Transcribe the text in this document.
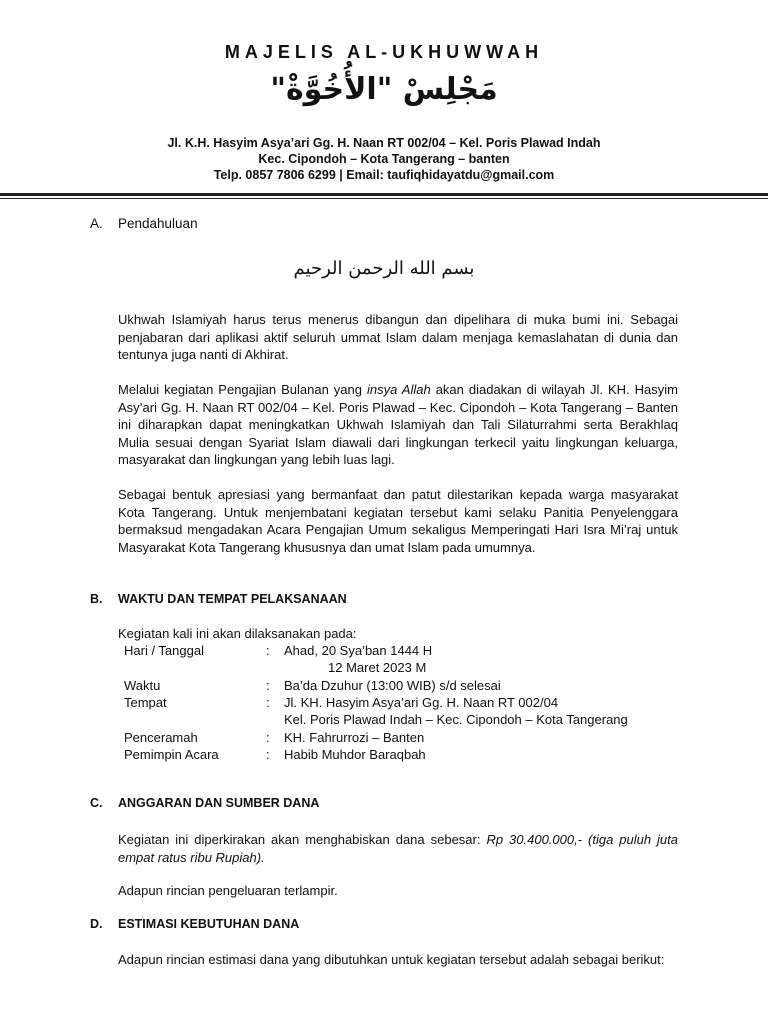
MAJELIS AL-UKHUWWAH
مَجْلِسْ "الأُخُوَّةْ"
Jl. K.H. Hasyim Asya’ari Gg. H. Naan RT 002/04 – Kel. Poris Plawad Indah
Kec. Cipondoh – Kota Tangerang – banten
Telp. 0857 7806 6299 | Email: taufiqhidayatdu@gmail.com
A. Pendahuluan
بسم الله الرحمن الرحيم

Ukhwah Islamiyah harus terus menerus dibangun dan dipelihara di muka bumi ini. Sebagai penjabaran dari aplikasi aktif seluruh ummat Islam dalam menjaga kemaslahatan di dunia dan tentunya juga nanti di Akhirat.

Melalui kegiatan Pengajian Bulanan yang insya Allah akan diadakan di wilayah Jl. KH. Hasyim Asy’ari Gg. H. Naan RT 002/04 – Kel. Poris Plawad – Kec. Cipondoh – Kota Tangerang – Banten ini diharapkan dapat meningkatkan Ukhwah Islamiyah dan Tali Silaturrahmi serta Berakhlaq Mulia sesuai dengan Syariat Islam diawali dari lingkungan terkecil yaitu lingkungan keluarga, masyarakat dan lingkungan yang lebih luas lagi.

Sebagai bentuk apresiasi yang bermanfaat dan patut dilestarikan kepada warga masyarakat Kota Tangerang. Untuk menjembatani kegiatan tersebut kami selaku Panitia Penyelenggara bermaksud mengadakan Acara Pengajian Umum sekaligus Memperingati Hari Isra Mi’raj untuk Masyarakat Kota Tangerang khususnya dan umat Islam pada umumnya.

B. WAKTU DAN TEMPAT PELAKSANAAN

Kegiatan kali ini akan dilaksanakan pada:

Hari / Tanggal	: Ahad, 20 Sya’ban 1444 H
12 Maret 2023 M
Waktu	: Ba’da Dzuhur (13:00 WIB) s/d selesai
Tempat	: Jl. KH. Hasyim Asya’ari Gg. H. Naan RT 002/04
Kel. Poris Plawad Indah – Kec. Cipondoh – Kota Tangerang
Penceramah	: KH. Fahrurrozi – Banten
Pemimpin Acara	: Habib Muhdor Baraqbah
C. ANGGARAN DAN SUMBER DANA

Kegiatan ini diperkirakan akan menghabiskan dana sebesar: Rp 30.400.000,- (tiga puluh juta empat ratus ribu Rupiah).

Adapun rincian pengeluaran terlampir.

D. ESTIMASI KEBUTUHAN DANA

Adapun rincian estimasi dana yang dibutuhkan untuk kegiatan tersebut adalah sebagai berikut:
